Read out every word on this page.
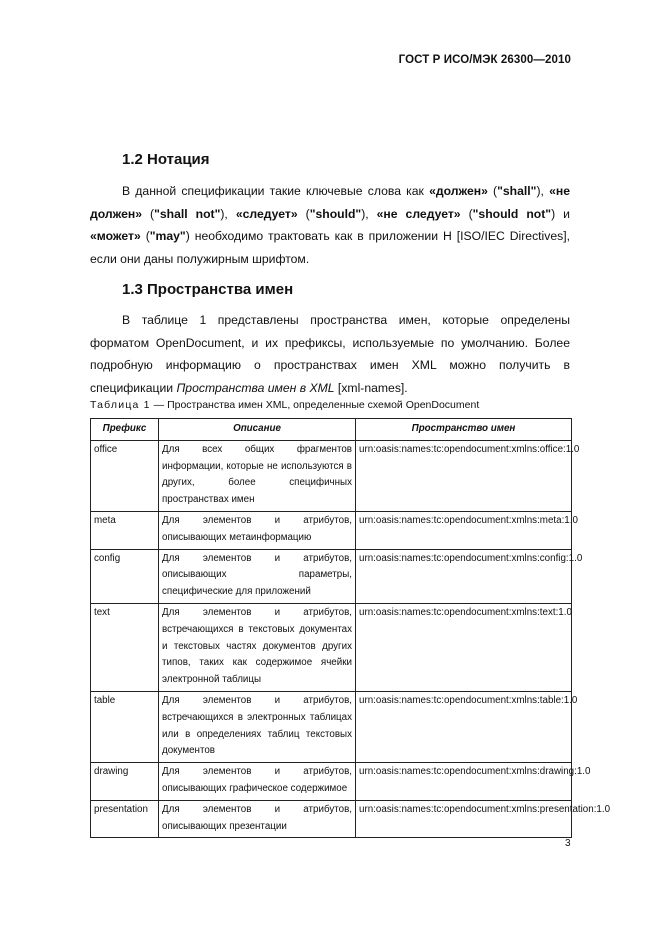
ГОСТ Р ИСО/МЭК 26300—2010
1.2 Нотация

В данной спецификации такие ключевые слова как «должен» ("shall"), «не должен» ("shall not"), «следует» ("should"), «не следует» ("should not") и «может» ("may") необходимо трактовать как в приложении H [ISO/IEC Directives], если они даны полужирным шрифтом.

1.3 Пространства имен

В таблице 1 представлены пространства имен, которые определены форматом OpenDocument, и их префиксы, используемые по умолчанию. Более подробную информацию о пространствах имен XML можно получить в спецификации Пространства имен в XML [xml-names].

Таблица 1 — Пространства имен XML, определенные схемой OpenDocument
Префикс	Описание	Пространство имен
office	Для всех общих фрагментов информации, которые не используются в других, более специфичных пространствах имен	urn:oasis:names:tc:opendocument:xmlns:office:1.0
meta	Для элементов и атрибутов, описывающих метаинформацию	urn:oasis:names:tc:opendocument:xmlns:meta:1.0
config	Для элементов и атрибутов, описывающих параметры, специфические для приложений	urn:oasis:names:tc:opendocument:xmlns:config:1.0
text	Для элементов и атрибутов, встречающихся в текстовых документах и текстовых частях документов других типов, таких как содержимое ячейки электронной таблицы	urn:oasis:names:tc:opendocument:xmlns:text:1.0
table	Для элементов и атрибутов, встречающихся в электронных таблицах или в определениях таблиц текстовых документов	urn:oasis:names:tc:opendocument:xmlns:table:1.0
drawing	Для элементов и атрибутов, описывающих графическое содержимое	urn:oasis:names:tc:opendocument:xmlns:drawing:1.0
presentation	Для элементов и атрибутов, описывающих презентации	urn:oasis:names:tc:opendocument:xmlns:presentation:1.0
3
